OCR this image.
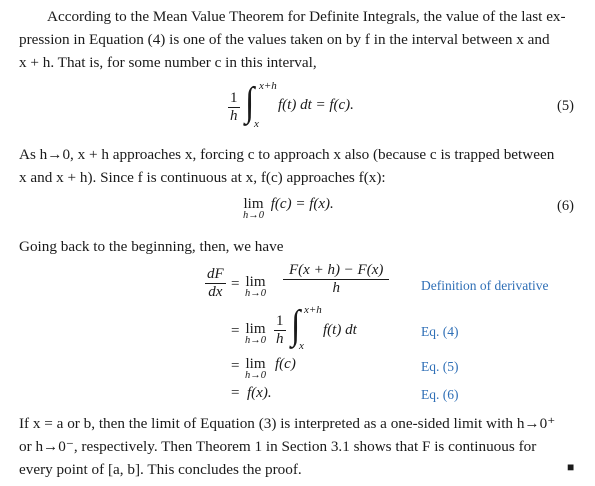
According to the Mean Value Theorem for Definite Integrals, the value of the last ex-
pression in Equation (4) is one of the values taken on by f in the interval between x and
x + h. That is, for some number c in this interval,
$\frac{1}{h}$ ∫ x+h
x
f(t) dt = f(c).	(5)
As h→0, x + h approaches x, forcing c to approach x also (because c is trapped between
x and x + h). Since f is continuous at x, f(c) approaches f(x):
lim
h→0
f(c) = f(x).	(6)
Going back to the beginning, then, we have
$\frac{dF}{dx} = \lim$
$h\to 0 \frac{F(x + h) - F(x)}{h}$ Definition of derivative
= lim
$h\to 0 \frac{1}{h}$ ∫ x+h
x
f(t) dt	Eq. (4)
= lim
h→0
f(c)	Eq. (5)
= f(x).	Eq. (6)
If x = a or b, then the limit of Equation (3) is interpreted as a one-sided limit with h→0⁺
or h→0⁻, respectively. Then Theorem 1 in Section 3.1 shows that F is continuous for
every point of [a, b]. This concludes the proof.	■
